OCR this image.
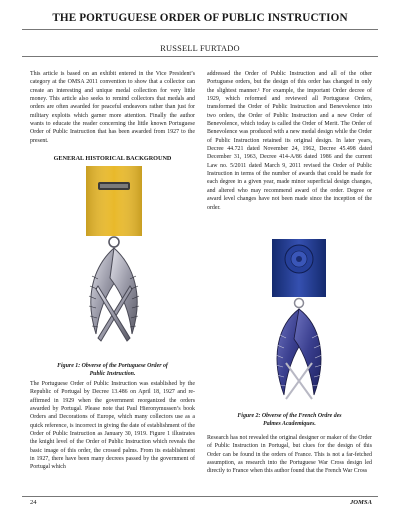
THE PORTUGUESE ORDER OF PUBLIC INSTRUCTION
RUSSELL FURTADO

This article is based on an exhibit entered in the Vice President’s category at the OMSA 2011 convention to show that a collector can create an interesting and unique medal collection for very little money. This article also seeks to remind collectors that medals and orders are often awarded for peaceful endeavors rather than just for military exploits which garner more attention. Finally the author wants to educate the reader concerning the little known Portuguese Order of Public Instruction that has been awarded from 1927 to the present.

GENERAL HISTORICAL BACKGROUND
Figure 1: Obverse of the Portuguese Order of
Public Instruction.

The Portuguese Order of Public Instruction was established by the Republic of Portugal by Decree 13.486 on April 18, 1927 and re-affirmed in 1929 when the government reorganized the orders awarded by Portugal. Please note that Paul Hieronymussen’s book Orders and Decorations of Europe, which many collectors use as a quick reference, is incorrect in giving the date of establishment of the Order of Public Instruction as January 30, 1919. Figure 1 illustrates the knight level of the Order of Public Instruction which reveals the basic image of this order, the crossed palms. From its establishment in 1927, there have been many decrees passed by the government of Portugal which

addressed the Order of Public Instruction and all of the other Portuguese orders, but the design of this order has changed in only the slightest manner.¹ For example, the important Order decree of 1929, which reformed and reviewed all Portuguese Orders, transformed the Order of Public Instruction and Benevolence into two orders, the Order of Public Instruction and a new Order of Benevolence, which today is called the Order of Merit. The Order of Benevolence was produced with a new medal design while the Order of Public Instruction retained its original design. In later years, Decree 44.721 dated November 24, 1962, Decree 45.498 dated December 31, 1963, Decree 414-A/86 dated 1986 and the current Law no. 5/2011 dated March 9, 2011 revised the Order of Public Instruction in terms of the number of awards that could be made for each degree in a given year, made minor superficial design changes, and altered who may recommend award of the order. Degree or award level changes have not been made since the inception of the order.

Figure 2: Obverse of the French Ordre des
Palmes Academiques.

Research has not revealed the original designer or maker of the Order of Public Instruction in Portugal, but clues for the design of this Order can be found in the orders of France. This is not a far-fetched assumption, as research into the Portuguese War Cross design led directly to France when this author found that the French War Cross

24	JOMSA
